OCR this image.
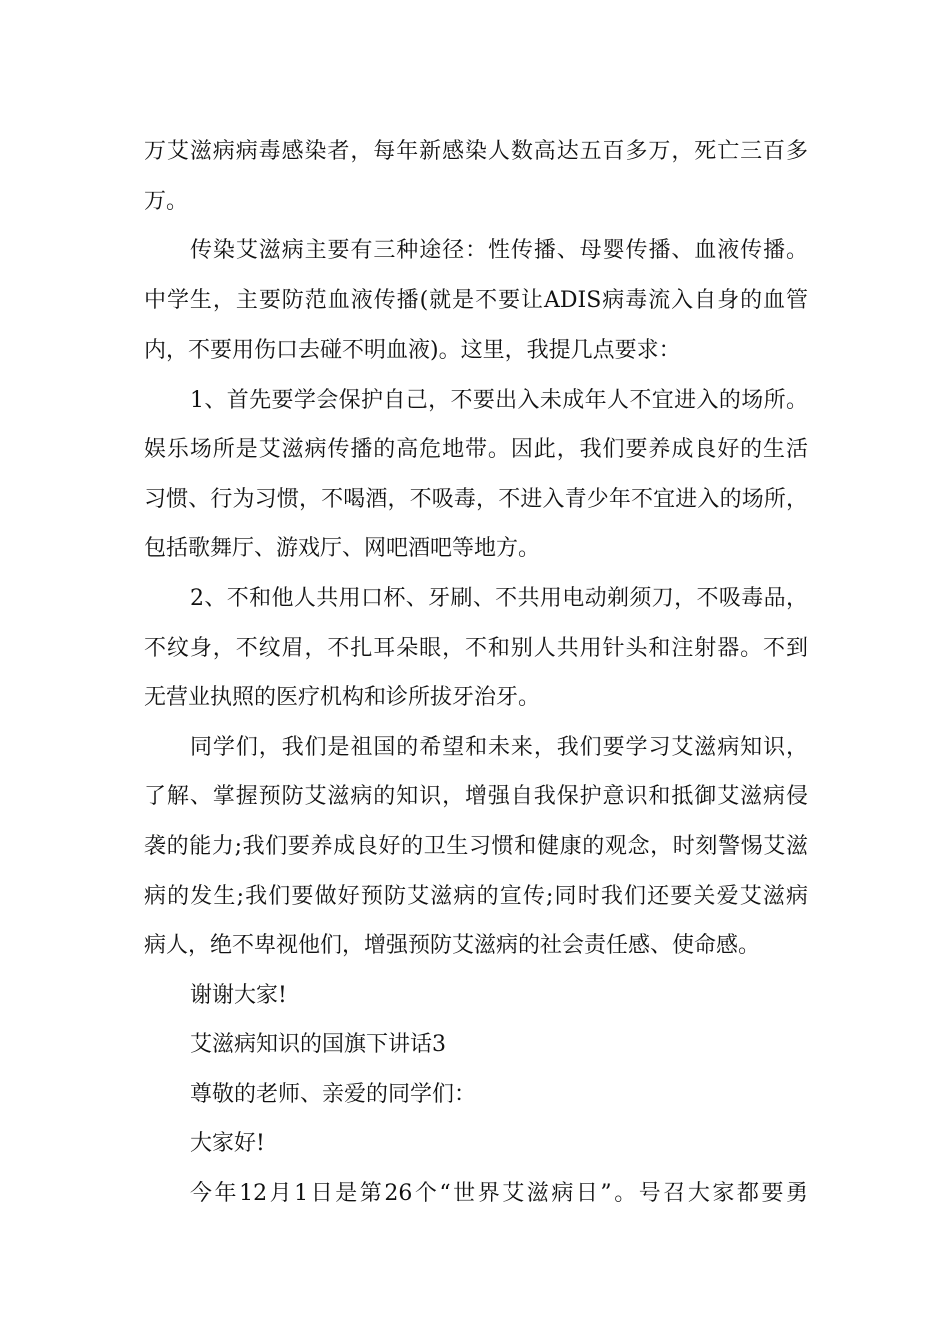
万艾滋病病毒感染者，每年新感染人数高达五百多万，死亡三百多
万。
传染艾滋病主要有三种途径：性传播、母婴传播、血液传播。
中学生，主要防范血液传播(就是不要让ADIS病毒流入自身的血管
内，不要用伤口去碰不明血液)。这里，我提几点要求：
1、首先要学会保护自己，不要出入未成年人不宜进入的场所。
娱乐场所是艾滋病传播的高危地带。因此，我们要养成良好的生活
习惯、行为习惯，不喝酒，不吸毒，不进入青少年不宜进入的场所，
包括歌舞厅、游戏厅、网吧酒吧等地方。
2、不和他人共用口杯、牙刷、不共用电动剃须刀，不吸毒品，
不纹身，不纹眉，不扎耳朵眼，不和别人共用针头和注射器。不到
无营业执照的医疗机构和诊所拔牙治牙。
同学们，我们是祖国的希望和未来，我们要学习艾滋病知识，
了解、掌握预防艾滋病的知识，增强自我保护意识和抵御艾滋病侵
袭的能力;我们要养成良好的卫生习惯和健康的观念，时刻警惕艾滋
病的发生;我们要做好预防艾滋病的宣传;同时我们还要关爱艾滋病
病人，绝不卑视他们，增强预防艾滋病的社会责任感、使命感。
谢谢大家!
艾滋病知识的国旗下讲话3
尊敬的老师、亲爱的同学们：
大家好!
今年12月1日是第26个“世界艾滋病日”。号召大家都要勇
